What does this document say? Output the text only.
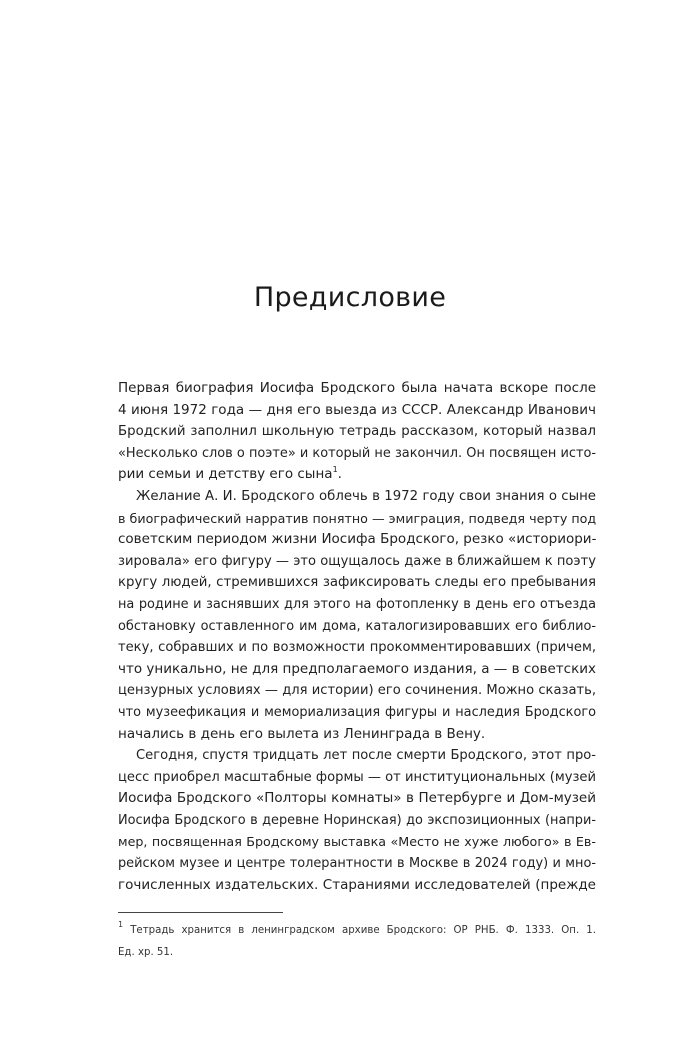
Предисловие
Первая биография Иосифа Бродского была начата вскоре после
4 июня 1972 года — дня его выезда из СССР. Александр Иванович
Бродский заполнил школьную тетрадь рассказом, который назвал
«Несколько слов о поэте» и который не закончил. Он посвящен исто-
рии семьи и детству его сына$^1$.
Желание А. И. Бродского облечь в 1972 году свои знания о сыне
в биографический нарратив понятно — эмиграция, подведя черту под
советским периодом жизни Иосифа Бродского, резко «историори-
зировала» его фигуру — это ощущалось даже в ближайшем к поэту
кругу людей, стремившихся зафиксировать следы его пребывания
на родине и заснявших для этого на фотопленку в день его отъезда
обстановку оставленного им дома, каталогизировавших его библио-
теку, собравших и по возможности прокомментировавших (причем,
что уникально, не для предполагаемого издания, а — в советских
цензурных условиях — для истории) его сочинения. Можно сказать,
что музеефикация и мемориализация фигуры и наследия Бродского
начались в день его вылета из Ленинграда в Вену.
Сегодня, спустя тридцать лет после смерти Бродского, этот про-
цесс приобрел масштабные формы — от институциональных (музей
Иосифа Бродского «Полторы комнаты» в Петербурге и Дом-музей
Иосифа Бродского в деревне Норинская) до экспозиционных (напри-
мер, посвященная Бродскому выставка «Место не хуже любого» в Ев-
рейском музее и центре толерантности в Москве в 2024 году) и мно-
гочисленных издательских. Стараниями исследователей (прежде
$^1$ Тетрадь хранится в ленинградском архиве Бродского: ОР РНБ. Ф. 1333. Оп. 1.
Ед. хр. 51.
